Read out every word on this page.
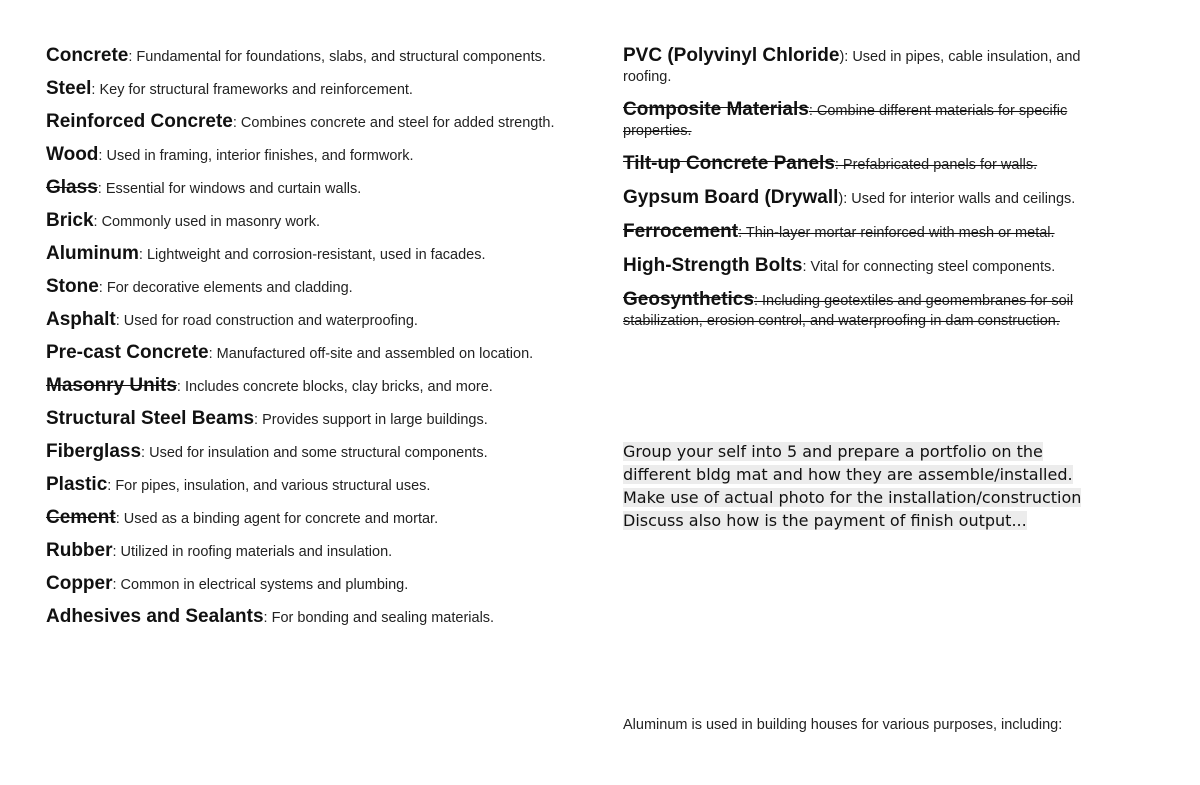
Concrete: Fundamental for foundations, slabs, and structural components.
Steel: Key for structural frameworks and reinforcement.
Reinforced Concrete: Combines concrete and steel for added strength.
Wood: Used in framing, interior finishes, and formwork.
Glass: Essential for windows and curtain walls.
Brick: Commonly used in masonry work.
Aluminum: Lightweight and corrosion-resistant, used in facades.
Stone: For decorative elements and cladding.
Asphalt: Used for road construction and waterproofing.
Pre-cast Concrete: Manufactured off-site and assembled on location.
Masonry Units: Includes concrete blocks, clay bricks, and more.
Structural Steel Beams: Provides support in large buildings.
Fiberglass: Used for insulation and some structural components.
Plastic: For pipes, insulation, and various structural uses.
Cement: Used as a binding agent for concrete and mortar.
Rubber: Utilized in roofing materials and insulation.
Copper: Common in electrical systems and plumbing.
Adhesives and Sealants: For bonding and sealing materials.
PVC (Polyvinyl Chloride): Used in pipes, cable insulation, and roofing.
Composite Materials: Combine different materials for specific properties.
Tilt-up Concrete Panels: Prefabricated panels for walls.
Gypsum Board (Drywall): Used for interior walls and ceilings.
Ferrocement: Thin-layer mortar reinforced with mesh or metal.
High-Strength Bolts: Vital for connecting steel components.
Geosynthetics: Including geotextiles and geomembranes for soil stabilization, erosion control, and waterproofing in dam construction.
Group your self into 5 and prepare a portfolio on the
different bldg mat and how they are assemble/installed.
Make use of actual photo for the installation/construction
Discuss also how is the payment of finish output...
Aluminum is used in building houses for various purposes, including:
